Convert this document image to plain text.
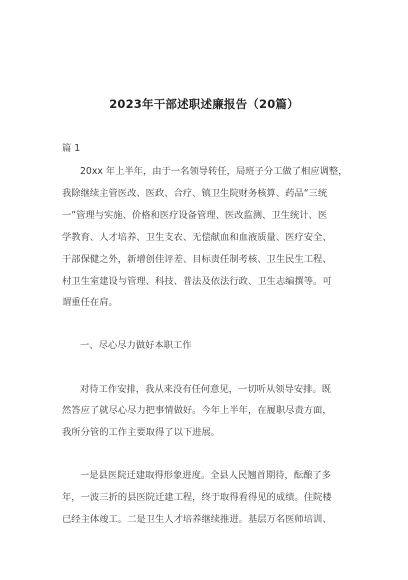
2023年干部述职述廉报告（20篇）
篇 1
20xx 年上半年，由于一名领导转任，局班子分工做了相应调整，
我除继续主管医改、医政、合疗、镇卫生院财务核算、药品“三统
一”管理与实施、价格和医疗设备管理、医改监测、卫生统计、医
学教育、人才培养、卫生支农、无偿献血和血液质量、医疗安全、
干部保健之外，新增创佳评差、目标责任制考核、卫生民生工程、
村卫生室建设与管理、科技、普法及依法行政、卫生志编撰等。可
谓重任在肩。
一、尽心尽力做好本职工作
对待工作安排，我从来没有任何意见，一切听从领导安排。既
然答应了就尽心尽力把事情做好。今年上半年，在履职尽责方面，
我所分管的工作主要取得了以下进展。
一是县医院迁建取得形象进度。全县人民翘首期待，酝酿了多
年，一波三折的县医院迁建工程，终于取得看得见的成绩。住院楼
已经主体竣工。二是卫生人才培养继续推进。基层万名医师培训、
